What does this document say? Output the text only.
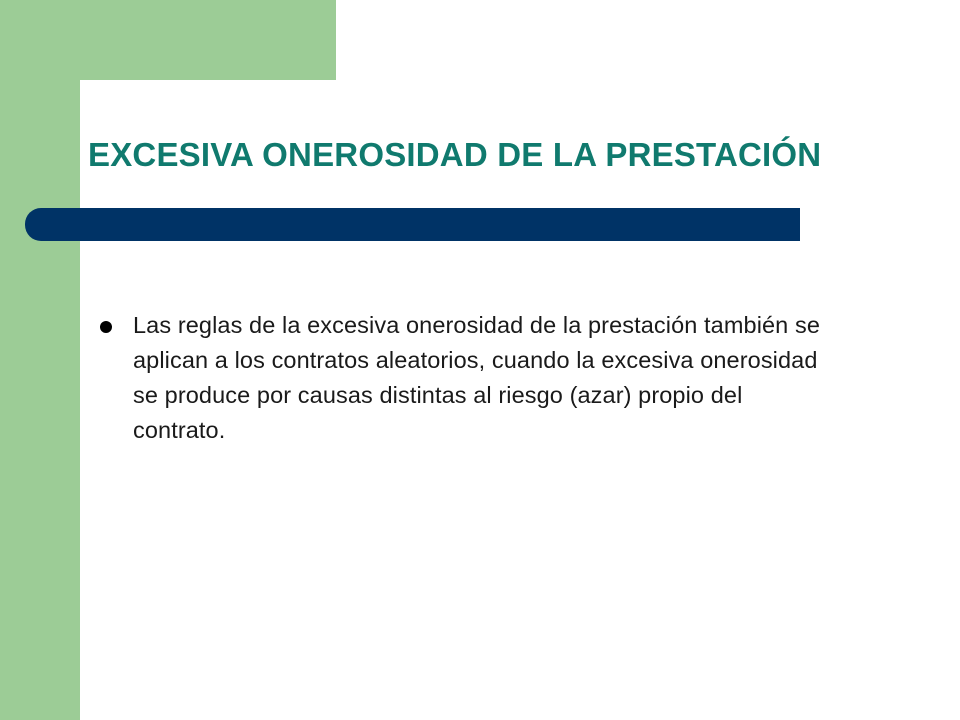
EXCESIVA ONEROSIDAD DE LA PRESTACIÓN
Las reglas de la excesiva onerosidad de la prestación también se aplican a los contratos aleatorios, cuando la excesiva onerosidad se produce por causas distintas al riesgo (azar) propio del contrato.
